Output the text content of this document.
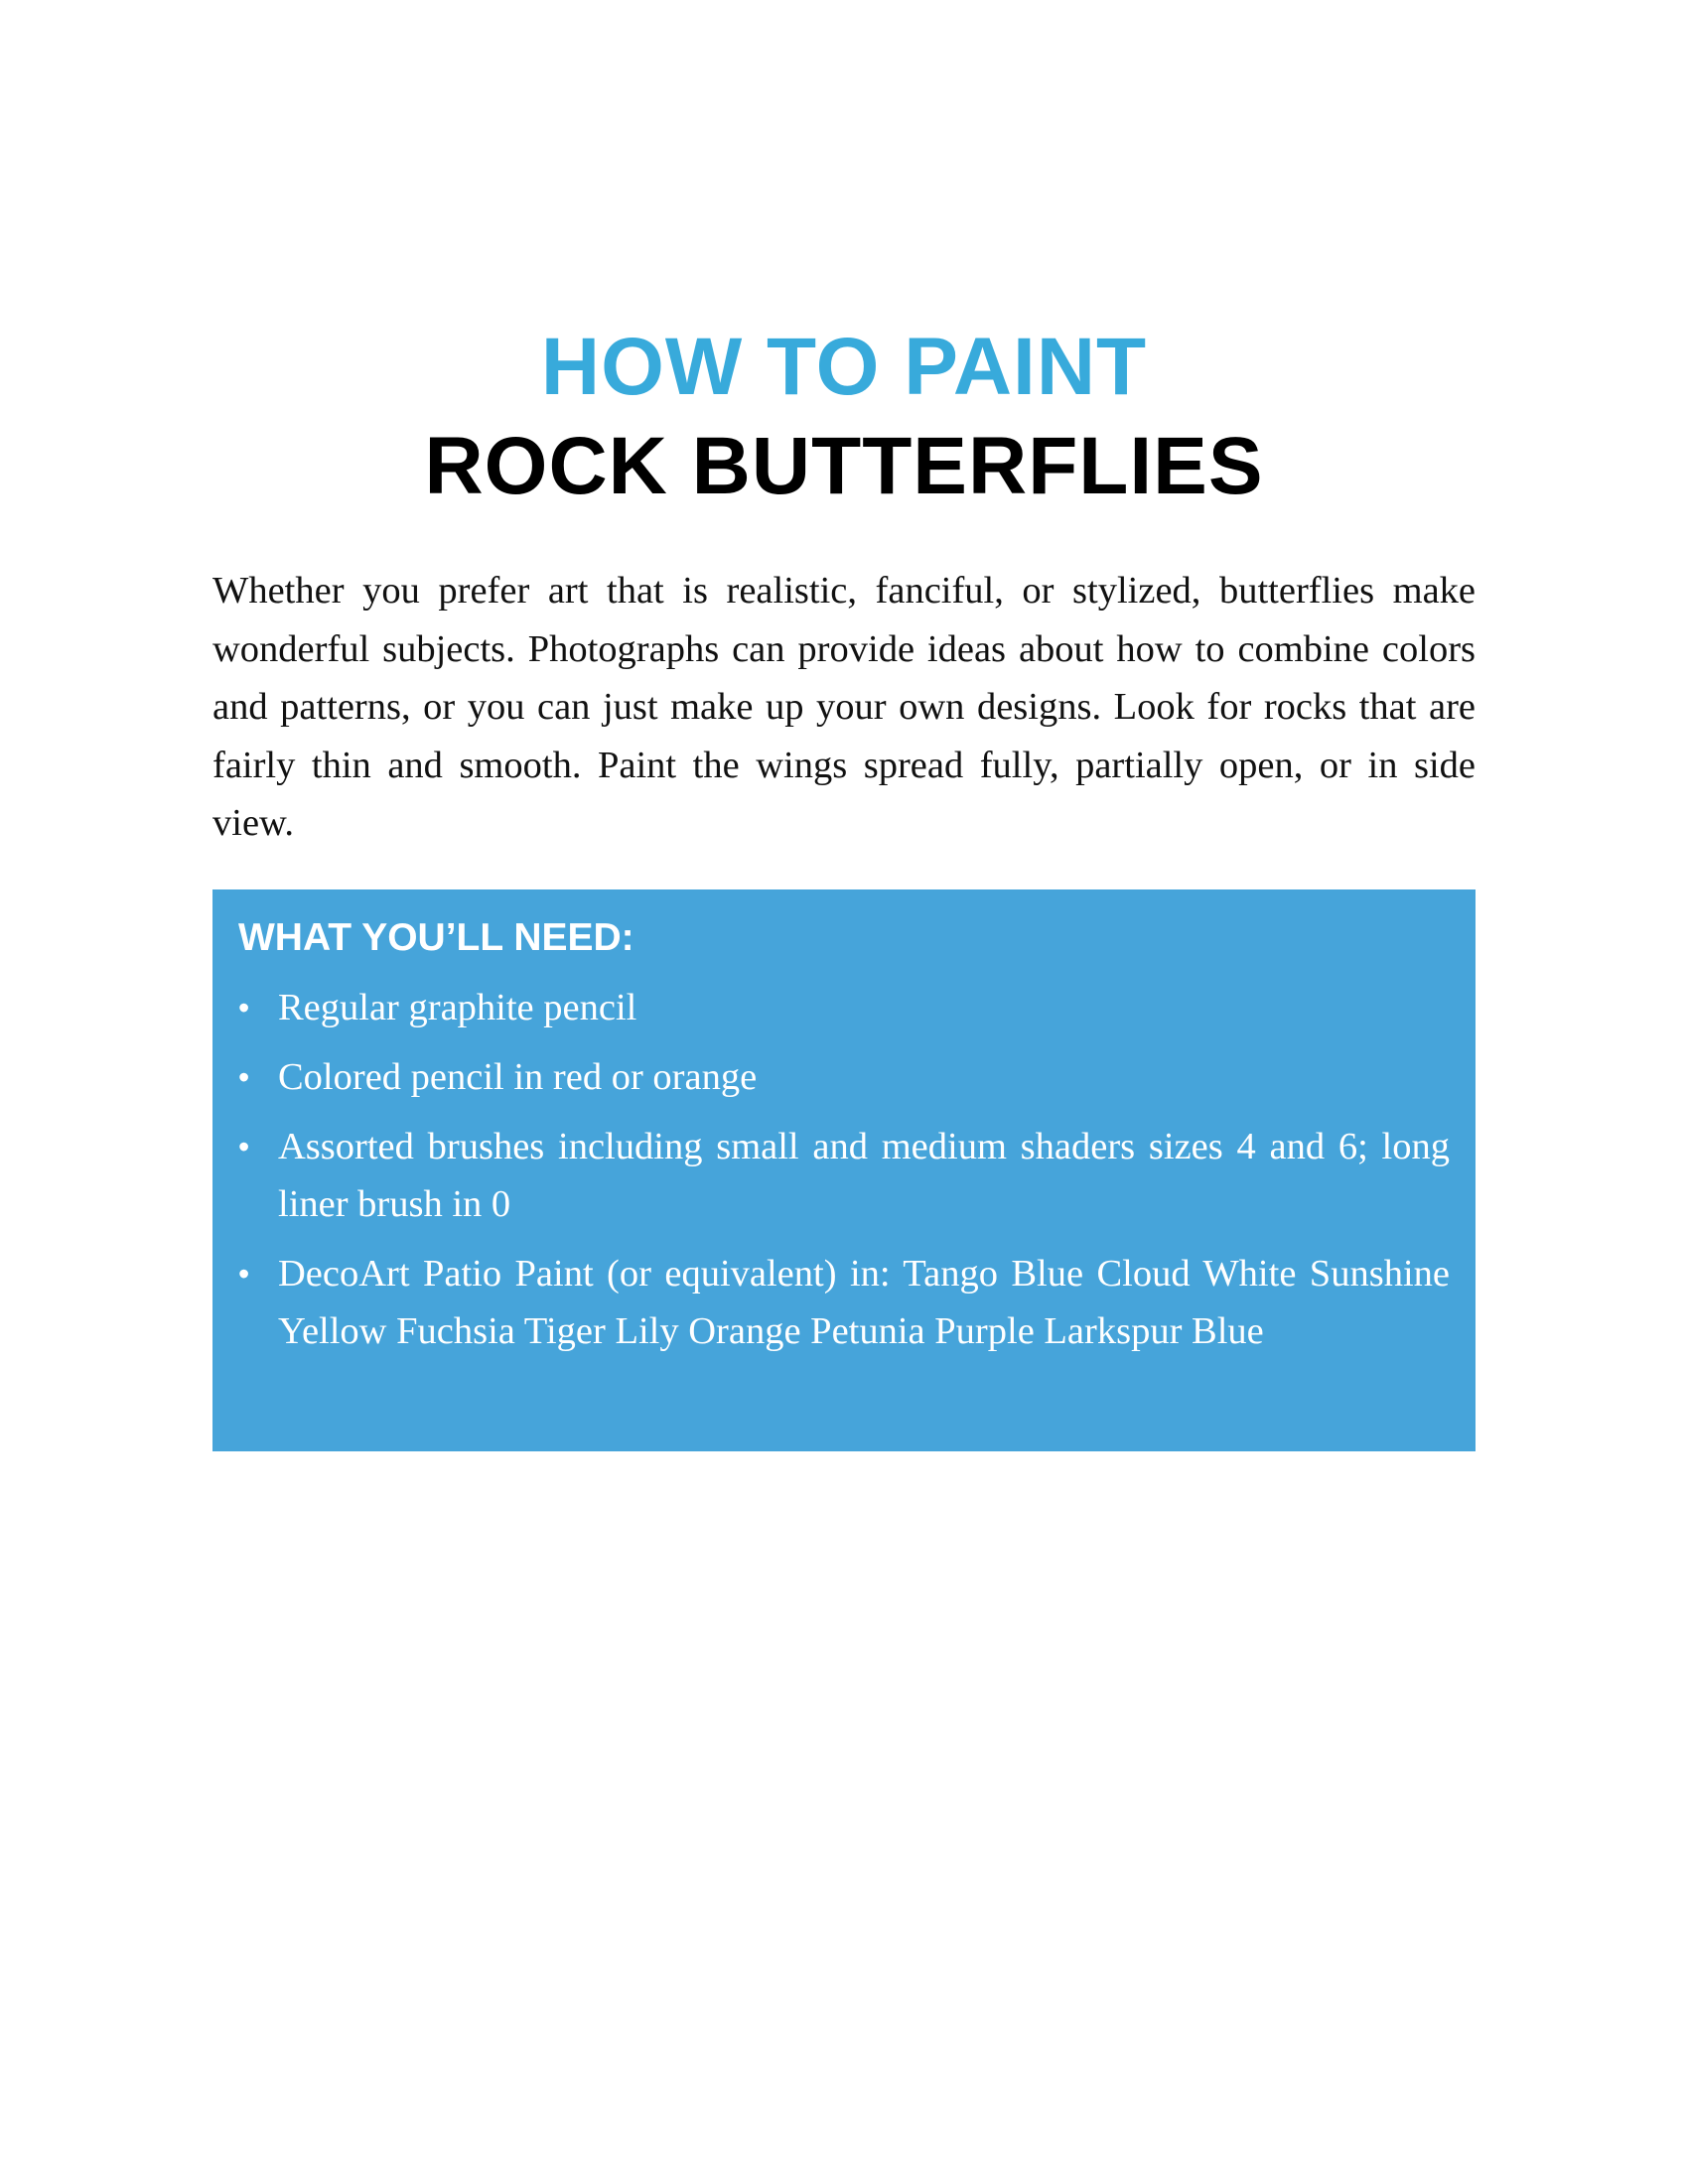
HOW TO PAINT
ROCK BUTTERFLIES

Whether you prefer art that is realistic, fanciful, or stylized, butterflies make wonderful subjects. Photographs can provide ideas about how to combine colors and patterns, or you can just make up your own designs. Look for rocks that are fairly thin and smooth. Paint the wings spread fully, partially open, or in side view.

WHAT YOU’LL NEED:
• Regular graphite pencil
• Colored pencil in red or orange
• Assorted brushes including small and medium shaders sizes 4 and 6; long liner brush in 0
• DecoArt Patio Paint (or equivalent) in: Tango Blue Cloud White Sunshine Yellow Fuchsia Tiger Lily Orange Petunia Purple Larkspur Blue
